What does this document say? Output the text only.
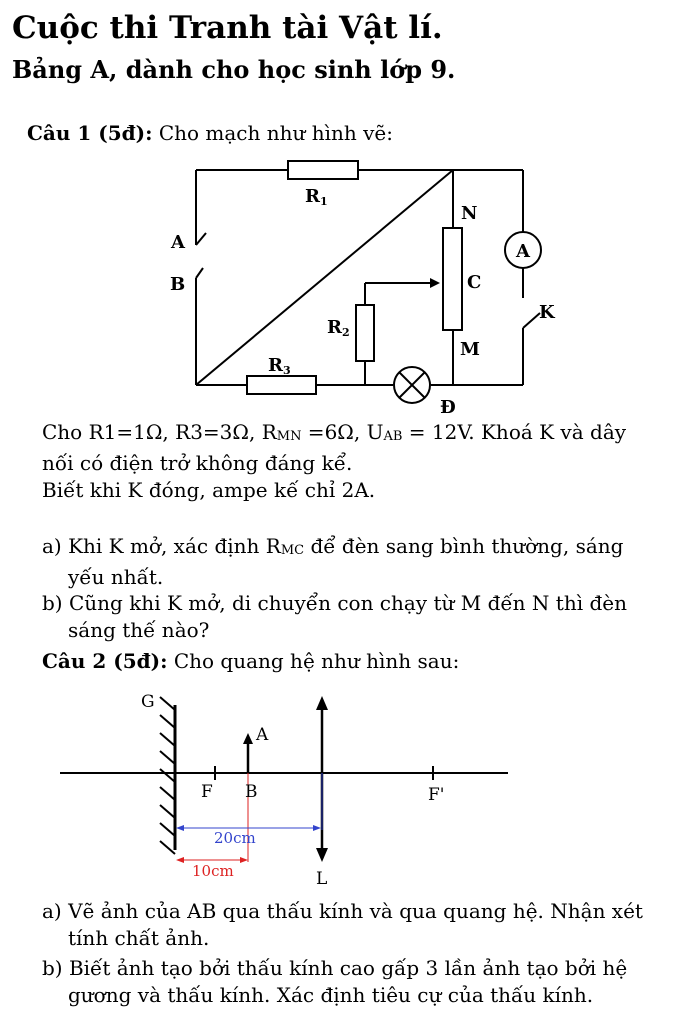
Cuộc thi Tranh tài Vật lí.
Bảng A, dành cho học sinh lớp 9.
Câu 1 (5đ): Cho mạch như hình vẽ:
R1
R3
R2
A
B
N
C
M
K
A
Đ
Cho R1=1Ω, R3=3Ω, RMN =6Ω, UAB = 12V. Khoá K và dây
nối có điện trở không đáng kể.
Biết khi K đóng, ampe kế chỉ 2A.
a) Khi K mở, xác định RMC để đèn sang bình thường, sáng
yếu nhất.
b) Cũng khi K mở, di chuyển con chạy từ M đến N thì đèn
sáng thế nào?
Câu 2 (5đ): Cho quang hệ như hình sau:
G
A
F B	F'
L
20cm
10cm
a) Vẽ ảnh của AB qua thấu kính và qua quang hệ. Nhận xét
tính chất ảnh.
b) Biết ảnh tạo bởi thấu kính cao gấp 3 lần ảnh tạo bởi hệ
gương và thấu kính. Xác định tiêu cự của thấu kính.
